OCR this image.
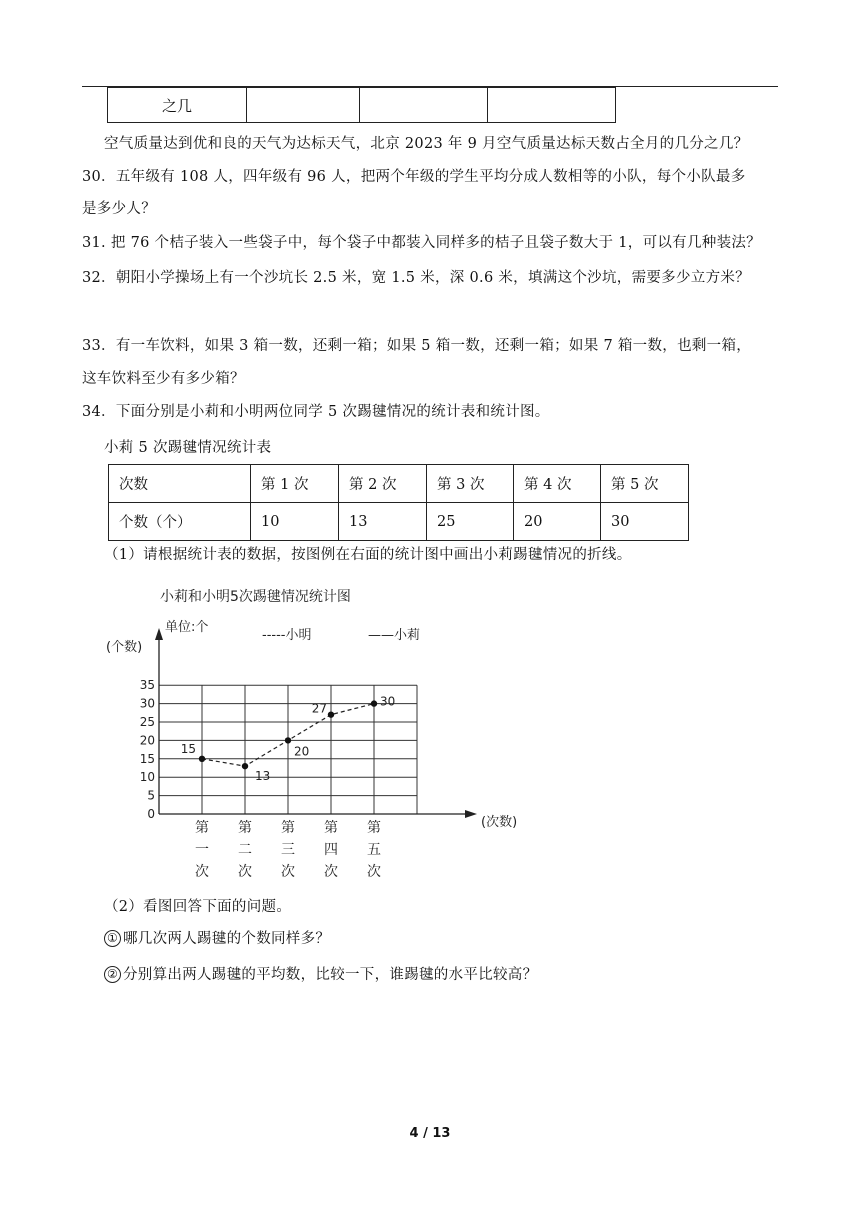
之几			
空气质量达到优和良的天气为达标天气，北京 2023 年 9 月空气质量达标天数占全月的几分之几？
30．五年级有 108 人，四年级有 96 人，把两个年级的学生平均分成人数相等的小队，每个小队最多
是多少人？
31. 把 76 个桔子装入一些袋子中，每个袋子中都装入同样多的桔子且袋子数大于 1，可以有几种装法？
32．朝阳小学操场上有一个沙坑长 2.5 米，宽 1.5 米，深 0.6 米，填满这个沙坑，需要多少立方米？
33．有一车饮料，如果 3 箱一数，还剩一箱；如果 5 箱一数，还剩一箱；如果 7 箱一数，也剩一箱，
这车饮料至少有多少箱？
34．下面分别是小莉和小明两位同学 5 次踢毽情况的统计表和统计图。
小莉 5 次踢毽情况统计表
次数	第 1 次	第 2 次	第 3 次	第 4 次	第 5 次
个数（个）	10	13	25	20	30
（1）请根据统计表的数据，按图例在右面的统计图中画出小莉踢毽情况的折线。
小莉和小明5次踢毽情况统计图
单位:个
(个数)
-----小明	——小莉
(次数)
0
5
10
15
20
25
30
35
第一次
第二次
第三次
第四次
第五次
15
13
20
27
30
（2）看图回答下面的问题。
① 哪几次两人踢毽的个数同样多？
② 分别算出两人踢毽的平均数，比较一下，谁踢毽的水平比较高？
4 / 13
